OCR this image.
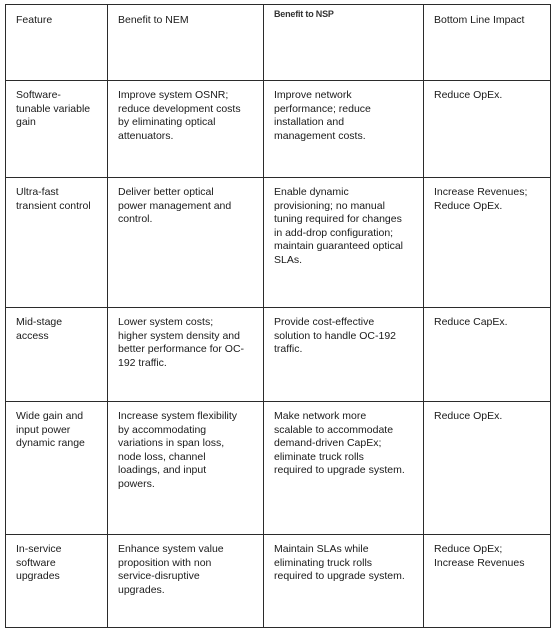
Feature	Benefit to NEM	Benefit to NSP	Bottom Line Impact
Software-tunable variable gain	Improve system OSNR; reduce development costs by eliminating optical attenuators.	Improve network performance; reduce installation and management costs.	Reduce OpEx.
Ultra-fast transient control	Deliver better optical power management and control.	Enable dynamic provisioning; no manual tuning required for changes in add-drop configuration; maintain guaranteed optical SLAs.	Increase Revenues; Reduce OpEx.
Mid-stage access	Lower system costs; higher system density and better performance for OC-192 traffic.	Provide cost-effective solution to handle OC-192 traffic.	Reduce CapEx.
Wide gain and input power dynamic range	Increase system flexibility by accommodating variations in span loss, node loss, channel loadings, and input powers.	Make network more scalable to accommodate demand-driven CapEx; eliminate truck rolls required to upgrade system.	Reduce OpEx.
In-service software upgrades	Enhance system value proposition with non service-disruptive upgrades.	Maintain SLAs while eliminating truck rolls required to upgrade system.	Reduce OpEx; Increase Revenues
